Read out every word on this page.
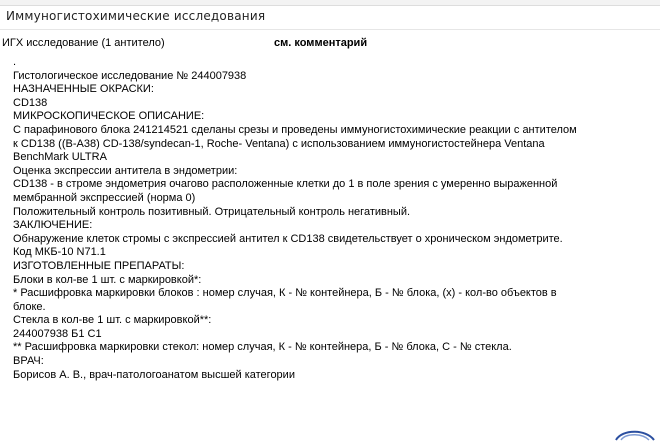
Иммуногистохимические исследования
ИГХ исследование (1 антитело)	см. комментарий
.
Гистологическое исследование № 244007938
НАЗНАЧЕННЫЕ ОКРАСКИ:
CD138
МИКРОСКОПИЧЕСКОЕ ОПИСАНИЕ:
С парафинового блока 241214521 сделаны срезы и проведены иммуногистохимические реакции с антителом
к CD138 ((B-A38) CD-138/syndecan-1, Roche- Ventana) с использованием иммуногистостейнера Ventana
BenchMark ULTRA
Оценка экспрессии антитела в эндометрии:
CD138 - в строме эндометрия очагово расположенные клетки до 1 в поле зрения с умеренно выраженной
мембранной экспрессией (норма 0)
Положительный контроль позитивный. Отрицательный контроль негативный.
ЗАКЛЮЧЕНИЕ:
Обнаружение клеток стромы с экспрессией антител к CD138 свидетельствует о хроническом эндометрите.
Код МКБ-10 N71.1
ИЗГОТОВЛЕННЫЕ ПРЕПАРАТЫ:
Блоки в кол-ве 1 шт. с маркировкой*:
* Расшифровка маркировки блоков : номер случая, К - № контейнера, Б - № блока, (х) - кол-во объектов в
блоке.
Стекла в кол-ве 1 шт. с маркировкой**:
244007938 Б1 С1
** Расшифровка маркировки стекол: номер случая, К - № контейнера, Б - № блока, С - № стекла.
ВРАЧ:
Борисов А. В., врач-патологоанатом высшей категории
